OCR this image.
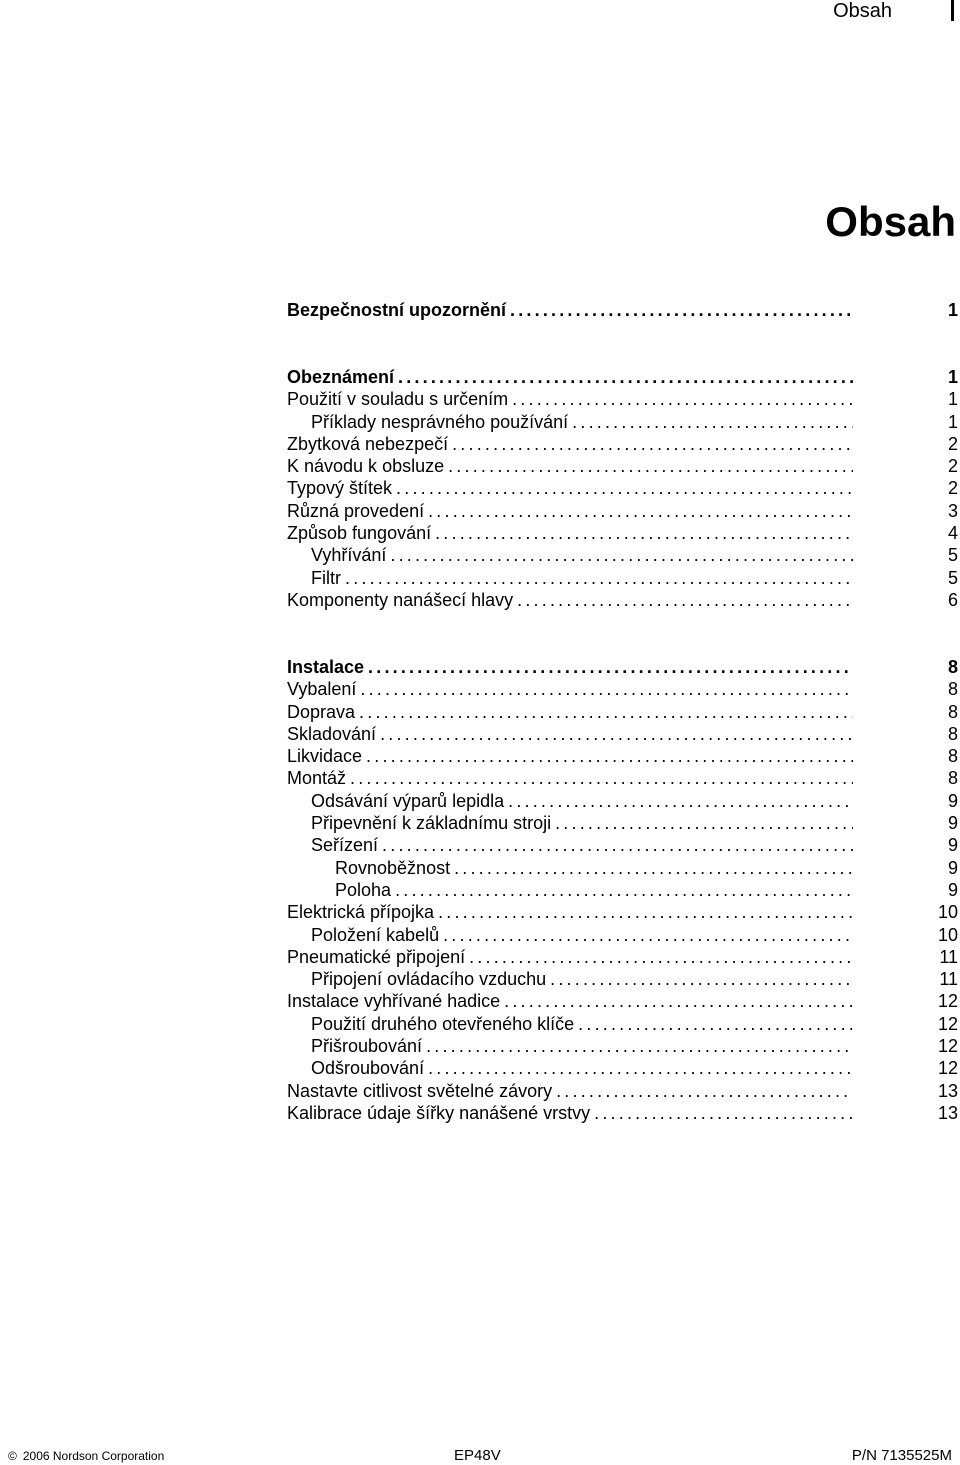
Obsah
Obsah
Bezpečnostní upozornění .....	1
Obeznámení .....	1
Použití v souladu s určením .....	1
Příklady nesprávného používání .....	1
Zbytková nebezpečí .....	2
K návodu k obsluze .....	2
Typový štítek .....	2
Různá provedení .....	3
Způsob fungování .....	4
Vyhřívání .....	5
Filtr .....	5
Komponenty nanášecí hlavy .....	6
Instalace .....	8
Vybalení .....	8
Doprava .....	8
Skladování .....	8
Likvidace .....	8
Montáž .....	8
Odsávání výparů lepidla .....	9
Připevnění k základnímu stroji .....	9
Seřízení .....	9
Rovnoběžnost .....	9
Poloha .....	9
Elektrická přípojka .....	10
Položení kabelů .....	10
Pneumatické připojení .....	11
Připojení ovládacího vzduchu .....	11
Instalace vyhřívané hadice .....	12
Použití druhého otevřeného klíče .....	12
Přišroubování .....	12
Odšroubování .....	12
Nastavte citlivost světelné závory .....	13
Kalibrace údaje šířky nanášené vrstvy .....	13
© 2006 Nordson Corporation	EP48V	P/N 7135525M
